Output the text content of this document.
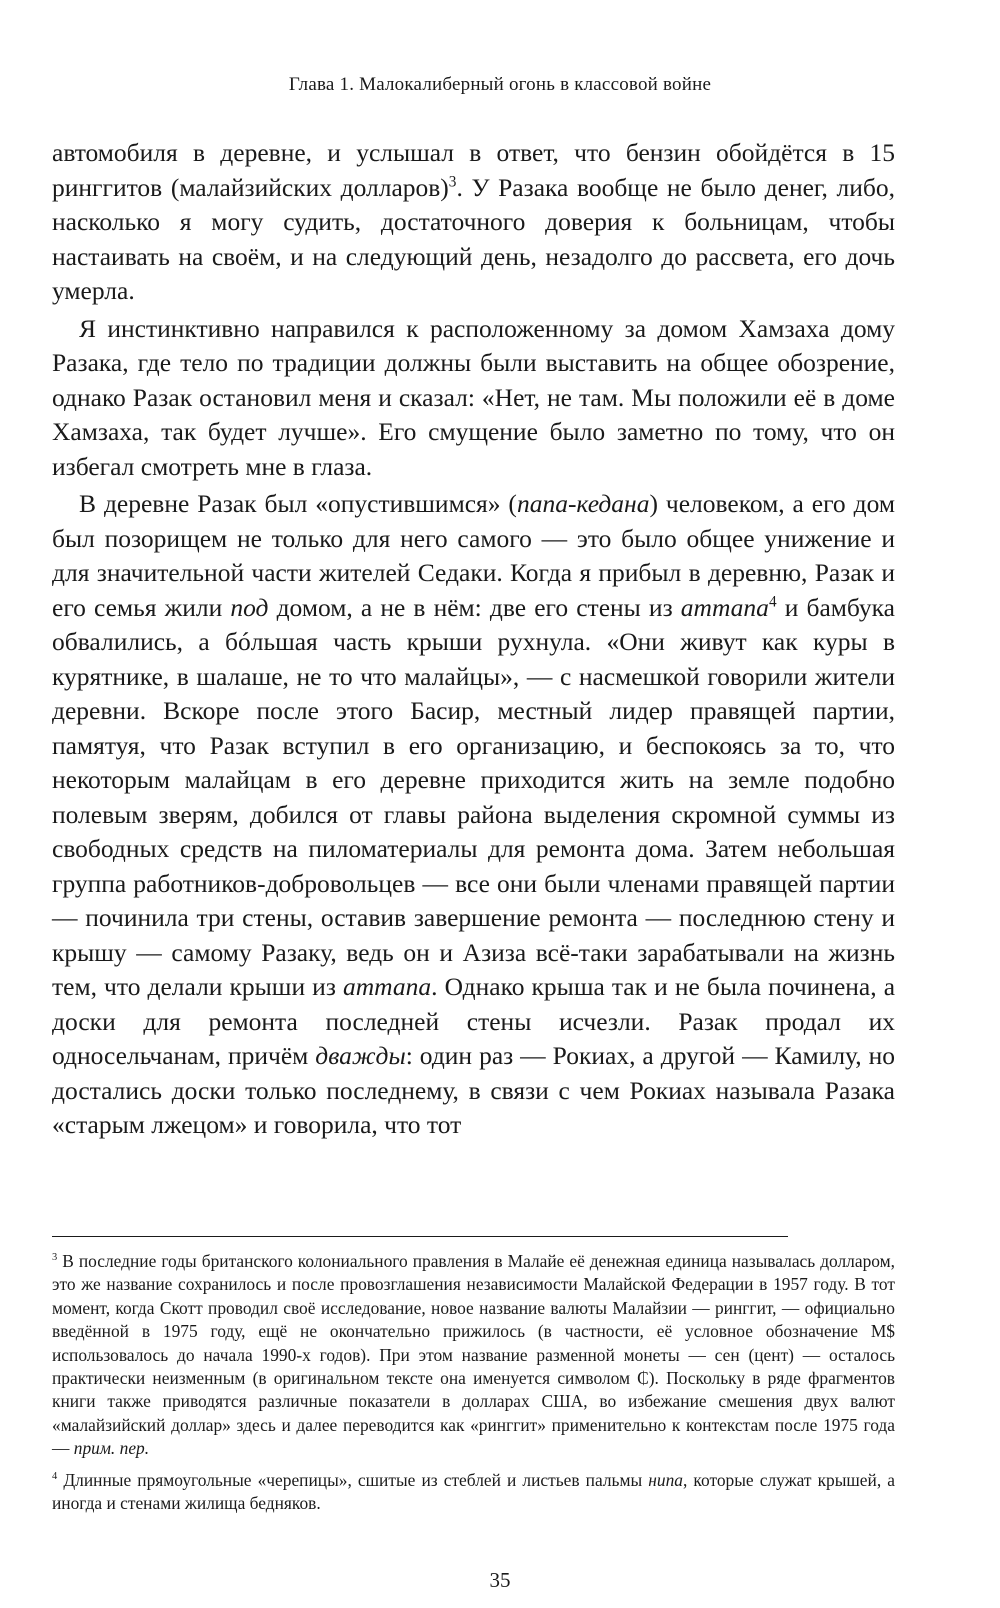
Глава 1. Малокалиберный огонь в классовой войне

автомобиля в деревне, и услышал в ответ, что бензин обойдётся в 15 ринггитов (малайзийских долларов)$^3$. У Разака вообще не было денег, либо, насколько я могу судить, достаточного доверия к больницам, чтобы настаивать на своём, и на следующий день, незадолго до рассвета, его дочь умерла.

Я инстинктивно направился к расположенному за домом Хамзаха дому Разака, где тело по традиции должны были выставить на общее обозрение, однако Разак остановил меня и сказал: «Нет, не там. Мы положили её в доме Хамзаха, так будет лучше». Его смущение было заметно по тому, что он избегал смотреть мне в глаза.

В деревне Разак был «опустившимся» (папа-кедана) человеком, а его дом был позорищем не только для него самого — это было общее унижение и для значительной части жителей Седаки. Когда я прибыл в деревню, Разак и его семья жили под домом, а не в нём: две его стены из аттапа$^4$ и бамбука обвалились, а бóльшая часть крыши рухнула. «Они живут как куры в курятнике, в шалаше, не то что малайцы», — с насмешкой говорили жители деревни. Вскоре после этого Басир, местный лидер правящей партии, памятуя, что Разак вступил в его организацию, и беспокоясь за то, что некоторым малайцам в его деревне приходится жить на земле подобно полевым зверям, добился от главы района выделения скромной суммы из свободных средств на пиломатериалы для ремонта дома. Затем небольшая группа работников-добровольцев — все они были членами правящей партии — починила три стены, оставив завершение ремонта — последнюю стену и крышу — самому Разаку, ведь он и Азиза всё-таки зарабатывали на жизнь тем, что делали крыши из аттапа. Однако крыша так и не была починена, а доски для ремонта последней стены исчезли. Разак продал их односельчанам, причём дважды: один раз — Рокиах, а другой — Камилу, но достались доски только последнему, в связи с чем Рокиах называла Разака «старым лжецом» и говорила, что тот

$^3$ В последние годы британского колониального правления в Малайе её денежная единица называлась долларом, это же название сохранилось и после провозглашения независимости Малайской Федерации в 1957 году. В тот момент, когда Скотт проводил своё исследование, новое название валюты Малайзии — ринггит, — официально введённой в 1975 году, ещё не окончательно прижилось (в частности, её условное обозначение M$ использовалось до начала 1990-х годов). При этом название разменной монеты — сен (цент) — осталось практически неизменным (в оригинальном тексте она именуется символом ₵). Поскольку в ряде фрагментов книги также приводятся различные показатели в долларах США, во избежание смешения двух валют «малайзийский доллар» здесь и далее переводится как «ринггит» применительно к контекстам после 1975 года — прим. пер.

$^4$ Длинные прямоугольные «черепицы», сшитые из стеблей и листьев пальмы нипа, которые служат крышей, а иногда и стенами жилища бедняков.

35
